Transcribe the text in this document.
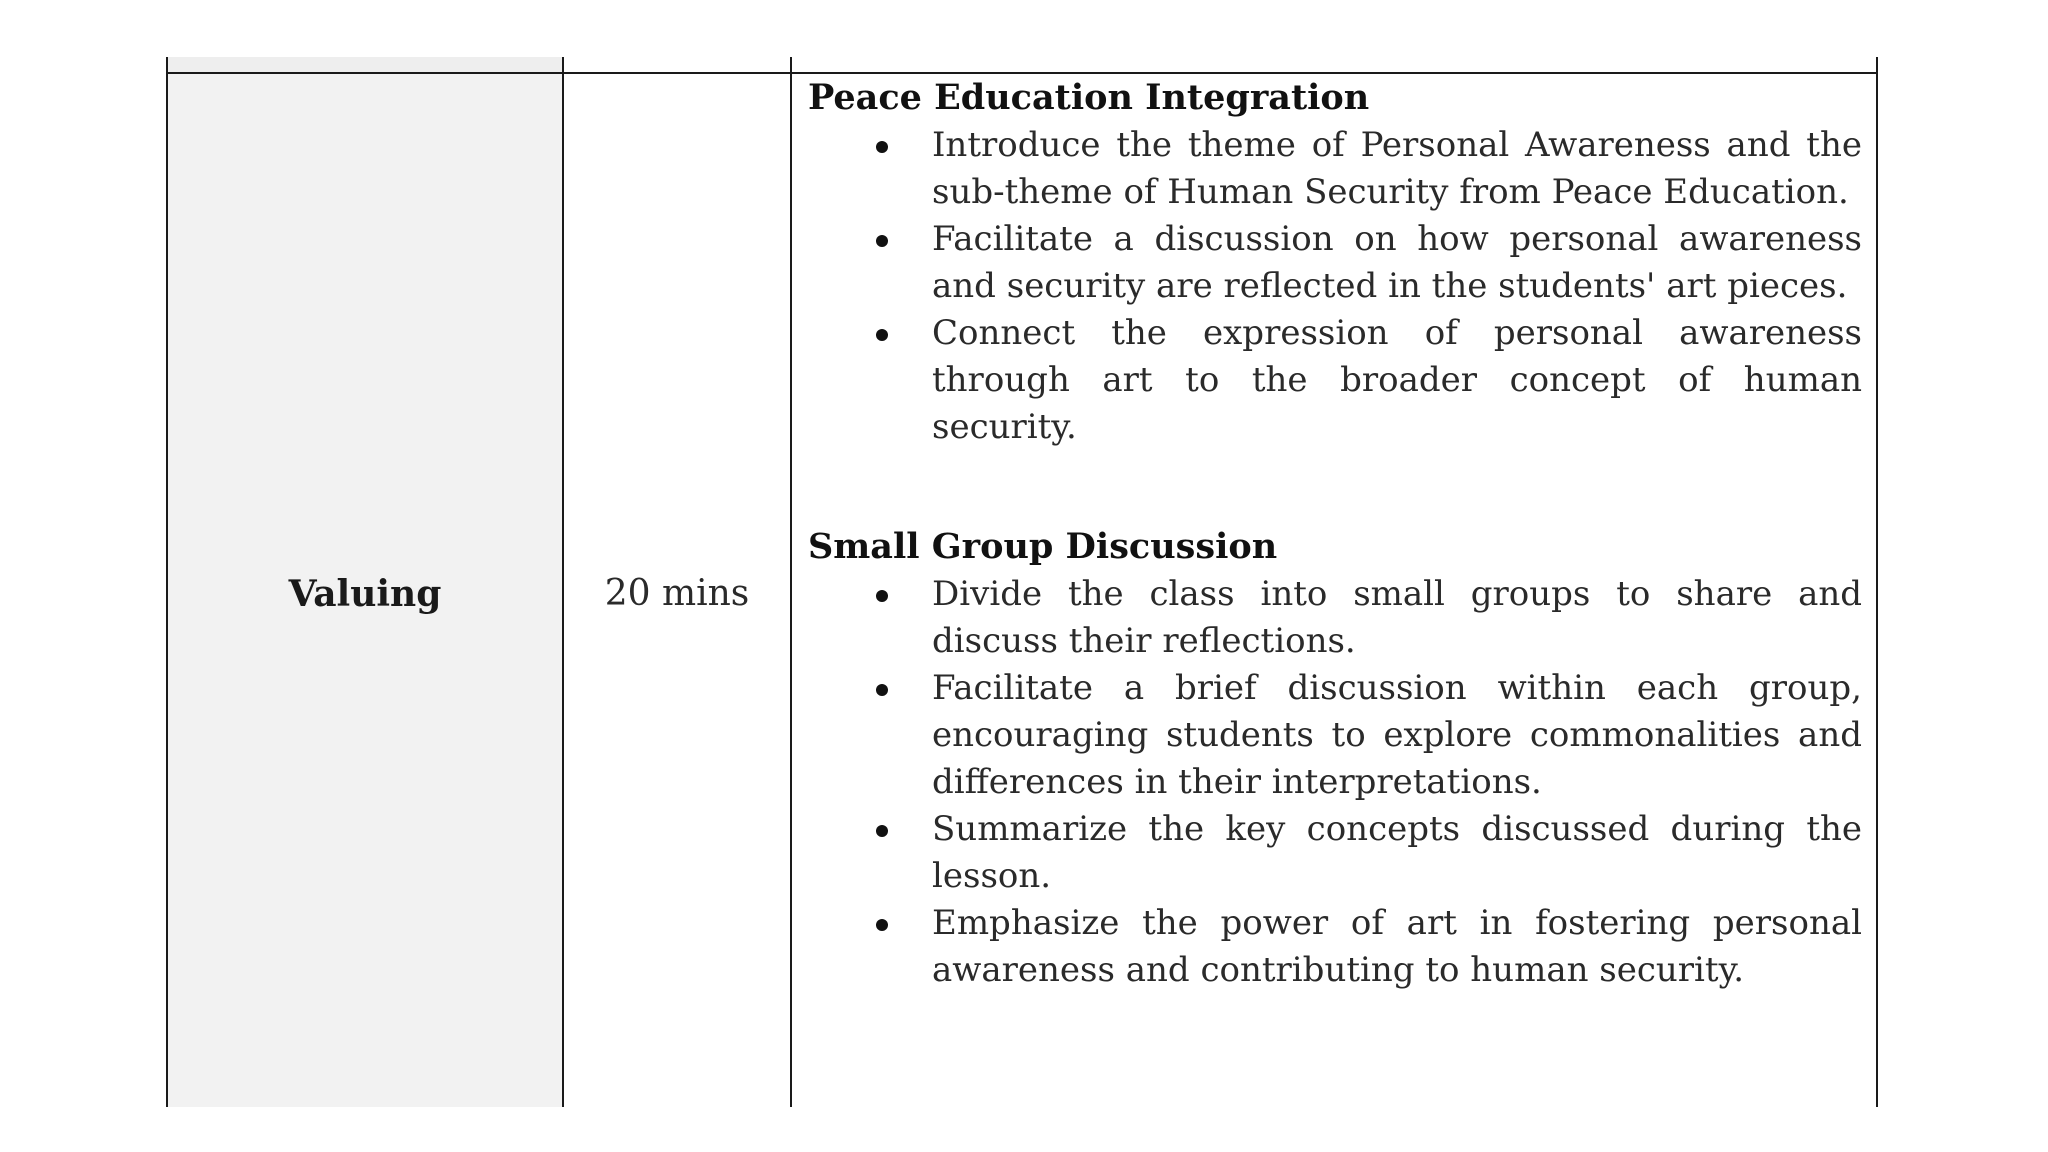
Valuing	20 mins

Peace Education Integration

Introduce the theme of Personal Awareness and the sub-theme of Human Security from Peace Education.
Facilitate a discussion on how personal awareness and security are reflected in the students' art pieces.
Connect the expression of personal awareness through art to the broader concept of human security.

Small Group Discussion

Divide the class into small groups to share and discuss their reflections.
Facilitate a brief discussion within each group, encouraging students to explore commonalities and differences in their interpretations.
Summarize the key concepts discussed during the lesson.
Emphasize the power of art in fostering personal awareness and contributing to human security.
